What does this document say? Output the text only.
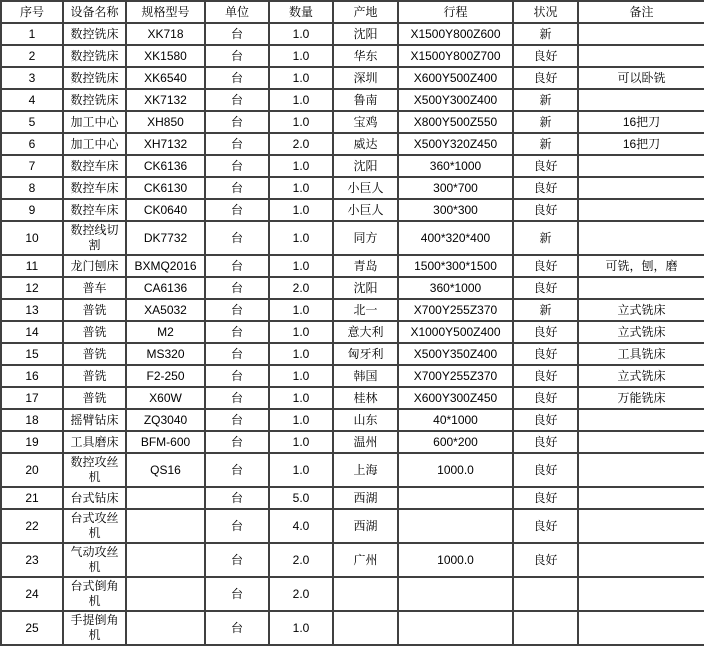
序号	设备名称	规格型号	单位	数量	产地	行程	状况	备注
1	数控铣床	XK718	台	1.0	沈阳	X1500Y800Z600	新	
2	数控铣床	XK1580	台	1.0	华东	X1500Y800Z700	良好	
3	数控铣床	XK6540	台	1.0	深圳	X600Y500Z400	良好	可以卧铣
4	数控铣床	XK7132	台	1.0	鲁南	X500Y300Z400	新	
5	加工中心	XH850	台	1.0	宝鸡	X800Y500Z550	新	16把刀
6	加工中心	XH7132	台	2.0	威达	X500Y320Z450	新	16把刀
7	数控车床	CK6136	台	1.0	沈阳	360*1000	良好	
8	数控车床	CK6130	台	1.0	小巨人	300*700	良好	
9	数控车床	CK0640	台	1.0	小巨人	300*300	良好	
10	数控线切割	DK7732	台	1.0	同方	400*320*400	新	
11	龙门刨床	BXMQ2016	台	1.0	青岛	1500*300*1500	良好	可铣，刨，磨
12	普车	CA6136	台	2.0	沈阳	360*1000	良好	
13	普铣	XA5032	台	1.0	北一	X700Y255Z370	新	立式铣床
14	普铣	M2	台	1.0	意大利	X1000Y500Z400	良好	立式铣床
15	普铣	MS320	台	1.0	匈牙利	X500Y350Z400	良好	工具铣床
16	普铣	F2-250	台	1.0	韩国	X700Y255Z370	良好	立式铣床
17	普铣	X60W	台	1.0	桂林	X600Y300Z450	良好	万能铣床
18	摇臂钻床	ZQ3040	台	1.0	山东	40*1000	良好	
19	工具磨床	BFM-600	台	1.0	温州	600*200	良好	
20	数控攻丝机	QS16	台	1.0	上海	1000.0	良好	
21	台式钻床		台	5.0	西湖		良好	
22	台式攻丝机		台	4.0	西湖		良好	
23	气动攻丝机		台	2.0	广州	1000.0	良好	
24	台式倒角机		台	2.0				
25	手提倒角机		台	1.0				
